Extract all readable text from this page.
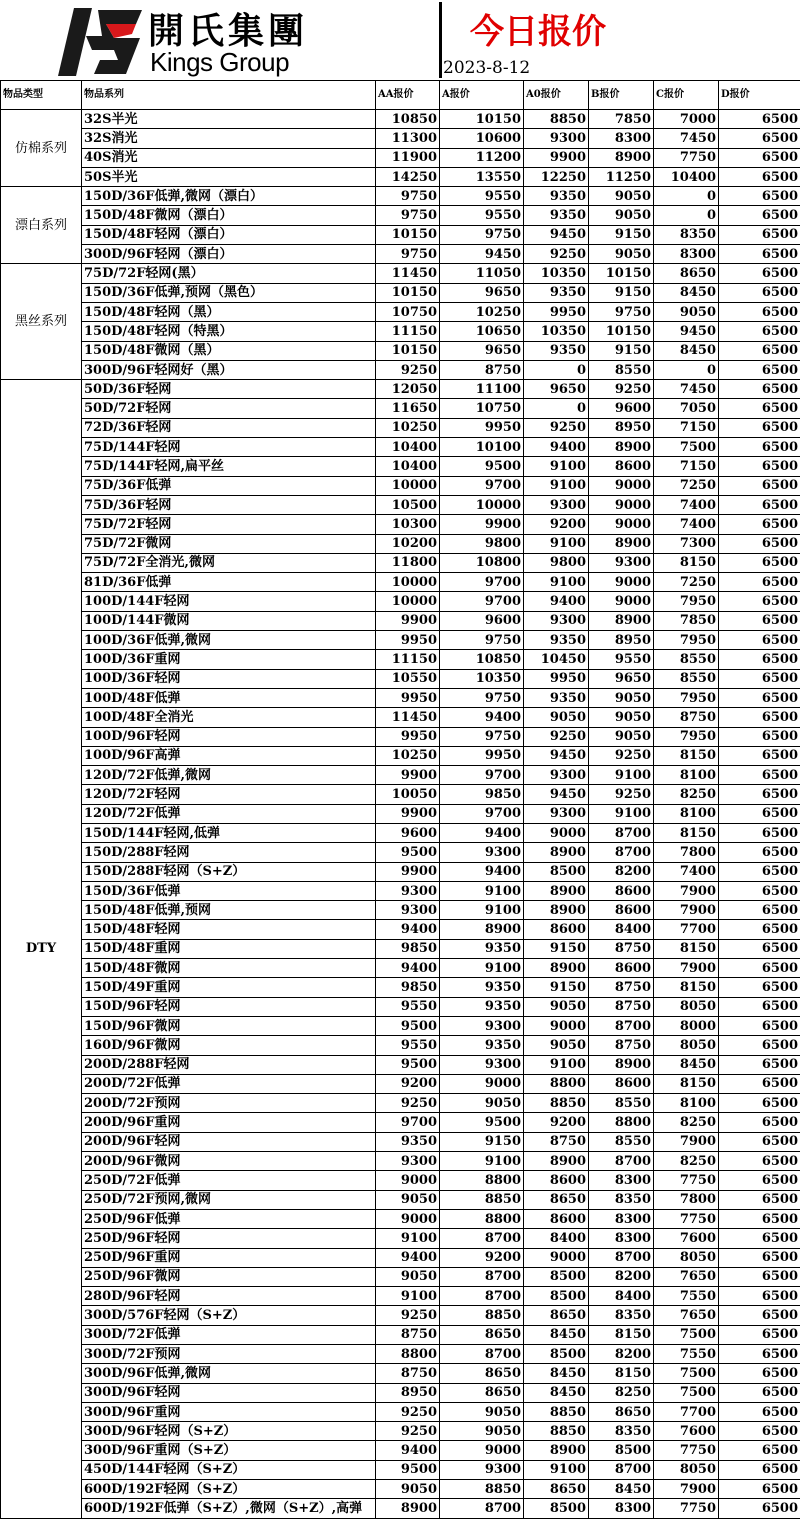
開氏集團
Kings Group
今日报价
2023-8-12
物品类型	物品系列	AA报价	A报价	A0报价	B报价	C报价	D报价
仿棉系列	32S半光	10850	10150	8850	7850	7000	6500
	32S消光	11300	10600	9300	8300	7450	6500
	40S消光	11900	11200	9900	8900	7750	6500
	50S半光	14250	13550	12250	11250	10400	6500
漂白系列	150D/36F低弹,微网（漂白）	9750	9550	9350	9050	0	6500
	150D/48F微网（漂白）	9750	9550	9350	9050	0	6500
	150D/48F轻网（漂白）	10150	9750	9450	9150	8350	6500
	300D/96F轻网（漂白）	9750	9450	9250	9050	8300	6500
黑丝系列	75D/72F轻网(黑）	11450	11050	10350	10150	8650	6500
	150D/36F低弹,预网（黑色）	10150	9650	9350	9150	8450	6500
	150D/48F轻网（黑）	10750	10250	9950	9750	9050	6500
	150D/48F轻网（特黑）	11150	10650	10350	10150	9450	6500
	150D/48F微网（黑）	10150	9650	9350	9150	8450	6500
	300D/96F轻网好（黑）	9250	8750	0	8550	0	6500
DTY	50D/36F轻网	12050	11100	9650	9250	7450	6500
	50D/72F轻网	11650	10750	0	9600	7050	6500
	72D/36F轻网	10250	9950	9250	8950	7150	6500
	75D/144F轻网	10400	10100	9400	8900	7500	6500
	75D/144F轻网,扁平丝	10400	9500	9100	8600	7150	6500
	75D/36F低弹	10000	9700	9100	9000	7250	6500
	75D/36F轻网	10500	10000	9300	9000	7400	6500
	75D/72F轻网	10300	9900	9200	9000	7400	6500
	75D/72F微网	10200	9800	9100	8900	7300	6500
	75D/72F全消光,微网	11800	10800	9800	9300	8150	6500
	81D/36F低弹	10000	9700	9100	9000	7250	6500
	100D/144F轻网	10000	9700	9400	9000	7950	6500
	100D/144F微网	9900	9600	9300	8900	7850	6500
	100D/36F低弹,微网	9950	9750	9350	8950	7950	6500
	100D/36F重网	11150	10850	10450	9550	8550	6500
	100D/36F轻网	10550	10350	9950	9650	8550	6500
	100D/48F低弹	9950	9750	9350	9050	7950	6500
	100D/48F全消光	11450	9400	9050	9050	8750	6500
	100D/96F轻网	9950	9750	9250	9050	7950	6500
	100D/96F高弹	10250	9950	9450	9250	8150	6500
	120D/72F低弹,微网	9900	9700	9300	9100	8100	6500
	120D/72F轻网	10050	9850	9450	9250	8250	6500
	120D/72F低弹	9900	9700	9300	9100	8100	6500
	150D/144F轻网,低弹	9600	9400	9000	8700	8150	6500
	150D/288F轻网	9500	9300	8900	8700	7800	6500
	150D/288F轻网（S+Z）	9900	9400	8500	8200	7400	6500
	150D/36F低弹	9300	9100	8900	8600	7900	6500
	150D/48F低弹,预网	9300	9100	8900	8600	7900	6500
	150D/48F轻网	9400	8900	8600	8400	7700	6500
	150D/48F重网	9850	9350	9150	8750	8150	6500
	150D/48F微网	9400	9100	8900	8600	7900	6500
	150D/49F重网	9850	9350	9150	8750	8150	6500
	150D/96F轻网	9550	9350	9050	8750	8050	6500
	150D/96F微网	9500	9300	9000	8700	8000	6500
	160D/96F微网	9550	9350	9050	8750	8050	6500
	200D/288F轻网	9500	9300	9100	8900	8450	6500
	200D/72F低弹	9200	9000	8800	8600	8150	6500
	200D/72F预网	9250	9050	8850	8550	8100	6500
	200D/96F重网	9700	9500	9200	8800	8250	6500
	200D/96F轻网	9350	9150	8750	8550	7900	6500
	200D/96F微网	9300	9100	8900	8700	8250	6500
	250D/72F低弹	9000	8800	8600	8300	7750	6500
	250D/72F预网,微网	9050	8850	8650	8350	7800	6500
	250D/96F低弹	9000	8800	8600	8300	7750	6500
	250D/96F轻网	9100	8700	8400	8300	7600	6500
	250D/96F重网	9400	9200	9000	8700	8050	6500
	250D/96F微网	9050	8700	8500	8200	7650	6500
	280D/96F轻网	9100	8700	8500	8400	7550	6500
	300D/576F轻网（S+Z）	9250	8850	8650	8350	7650	6500
	300D/72F低弹	8750	8650	8450	8150	7500	6500
	300D/72F预网	8800	8700	8500	8200	7550	6500
	300D/96F低弹,微网	8750	8650	8450	8150	7500	6500
	300D/96F轻网	8950	8650	8450	8250	7500	6500
	300D/96F重网	9250	9050	8850	8650	7700	6500
	300D/96F轻网（S+Z）	9250	9050	8850	8350	7600	6500
	300D/96F重网（S+Z）	9400	9000	8900	8500	7750	6500
	450D/144F轻网（S+Z）	9500	9300	9100	8700	8050	6500
	600D/192F轻网（S+Z）	9050	8850	8650	8450	7900	6500
	600D/192F低弹（S+Z）,微网（S+Z）,高弹	8900	8700	8500	8300	7750	6500
